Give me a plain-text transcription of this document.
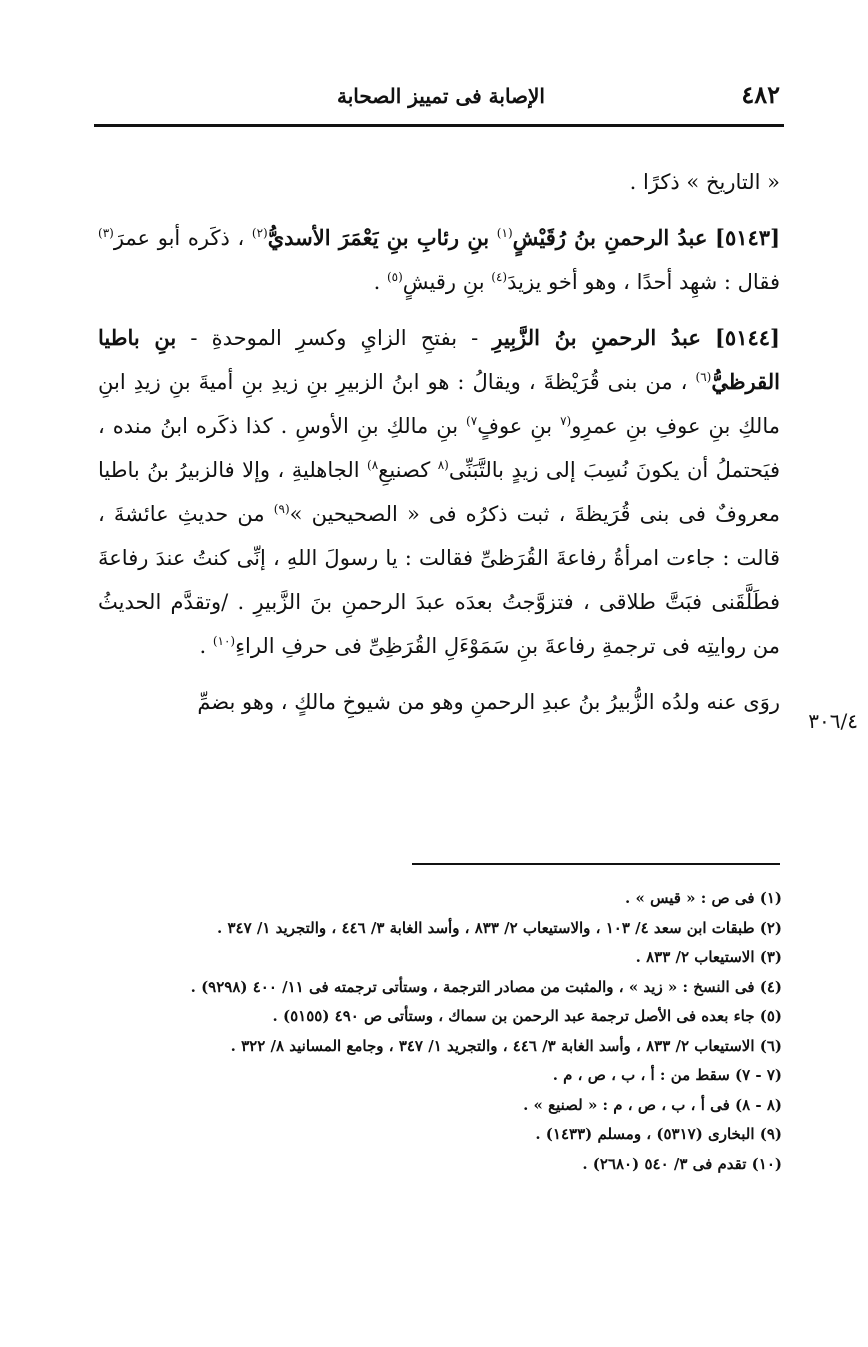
٤٨٢
الإصابة فى تمييز الصحابة

« التاريخ » ذكرًا .

[٥١٤٣] عبدُ الرحمنِ بنُ رُقَيْشٍ$^{(١)}$ بنِ رئابِ بنِ يَعْمَرَ الأسديُّ$^{(٢)}$ ، ذكَره أبو عمرَ$^{(٣)}$ فقال : شهِد أحدًا ، وهو أخو يزيدَ$^{(٤)}$ بنِ رقيشٍ$^{(٥)}$ .

[٥١٤٤] عبدُ الرحمنِ بنُ الزَّبِيرِ - بفتحِ الزايِ وكسرِ الموحدةِ - بنِ باطيا القرظيُّ$^{(٦)}$ ، من بنى قُرَيْظةَ ، ويقالُ : هو ابنُ الزبيرِ بنِ زيدِ بنِ أميةَ بنِ زيدِ ابنِ مالكِ بنِ عوفِ بنِ عمرِو$^{(٧}$ بنِ عوفٍ$^{٧)}$ بنِ مالكِ بنِ الأوسِ . كذا ذكَره ابنُ منده ، فيَحتملُ أن يكونَ نُسِبَ إلى زيدٍ بالتَّبَنِّى$^{(٨}$ كصنيعِ$^{٨)}$ الجاهليةِ ، وإلا فالزبيرُ بنُ باطيا معروفٌ فى بنى قُرَيظةَ ، ثبت ذكرُه فى « الصحيحين »$^{(٩)}$ من حديثِ عائشةَ ، قالت : جاءت امرأةُ رفاعةَ القُرَظىِّ فقالت : يا رسولَ اللهِ ، إنِّى كنتُ عندَ رفاعةَ فطَلَّقَنى فبَتَّ طلاقى ، فتزوَّجتُ بعدَه عبدَ الرحمنِ بنَ الزَّبيرِ . /وتقدَّم الحديثُ من روايتِه فى ترجمةِ رفاعةَ بنِ سَمَوْءَلِ القُرَظِىِّ فى حرفِ الراءِ$^{(١٠)}$ .

روَى عنه ولدُه الزُّبيرُ بنُ عبدِ الرحمنِ وهو من شيوخِ مالكٍ ، وهو بضمِّ

٣٠٦/٤
(١) فى ص : « قيس » .
(٢) طبقات ابن سعد ٤/ ١٠٣ ، والاستيعاب ٢/ ٨٣٣ ، وأسد الغابة ٣/ ٤٤٦ ، والتجريد ١/ ٣٤٧ .
(٣) الاستيعاب ٢/ ٨٣٣ .
(٤) فى النسخ : « زيد » ، والمثبت من مصادر الترجمة ، وستأتى ترجمته فى ١١/ ٤٠٠ (٩٢٩٨) .
(٥) جاء بعده فى الأصل ترجمة عبد الرحمن بن سماك ، وستأتى ص ٤٩٠ (٥١٥٥) .
(٦) الاستيعاب ٢/ ٨٣٣ ، وأسد الغابة ٣/ ٤٤٦ ، والتجريد ١/ ٣٤٧ ، وجامع المسانيد ٨/ ٣٢٢ .
(٧ - ٧) سقط من : أ ، ب ، ص ، م .
(٨ - ٨) فى أ ، ب ، ص ، م : « لصنيع » .
(٩) البخارى (٥٣١٧) ، ومسلم (١٤٣٣) .
(١٠) تقدم فى ٣/ ٥٤٠ (٢٦٨٠) .
